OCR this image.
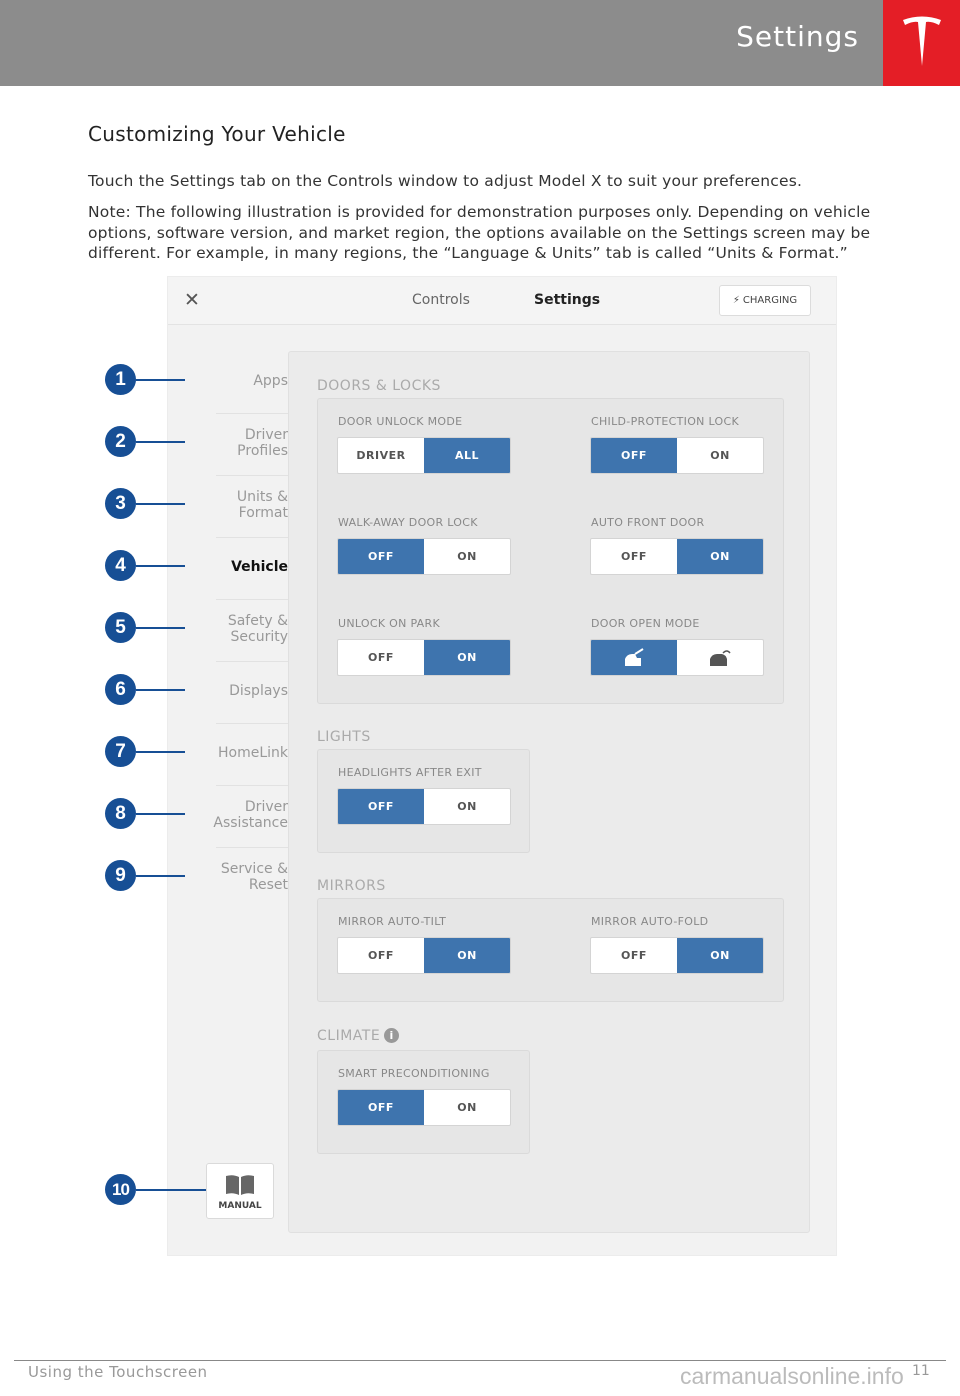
Settings
Customizing Your Vehicle
Touch the Settings tab on the Controls window to adjust Model X to suit your preferences.
Note: The following illustration is provided for demonstration purposes only. Depending on vehicle options, software version, and market region, the options available on the Settings screen may be different. For example, in many regions, the “Language & Units” tab is called “Units & Format.”
✕	Controls	Settings	⚡ CHARGING
Apps
Driver
Profiles
Units &
Format
Vehicle
Safety &
Security
Displays
HomeLink
Driver
Assistance
Service &
Reset
MANUAL
DOORS & LOCKS
DOOR UNLOCK MODE
DRIVER	ALL
CHILD-PROTECTION LOCK
OFF	ON
WALK-AWAY DOOR LOCK
OFF	ON
AUTO FRONT DOOR
OFF	ON
UNLOCK ON PARK
OFF	ON
DOOR OPEN MODE
LIGHTS
HEADLIGHTS AFTER EXIT
OFF	ON
MIRRORS
MIRROR AUTO-TILT
OFF	ON
MIRROR AUTO-FOLD
OFF	ON
CLIMATE i
SMART PRECONDITIONING
OFF	ON
1
2
3
4
5
6
7
8
9
10
Using the Touchscreen	11
carmanualsonline.info
